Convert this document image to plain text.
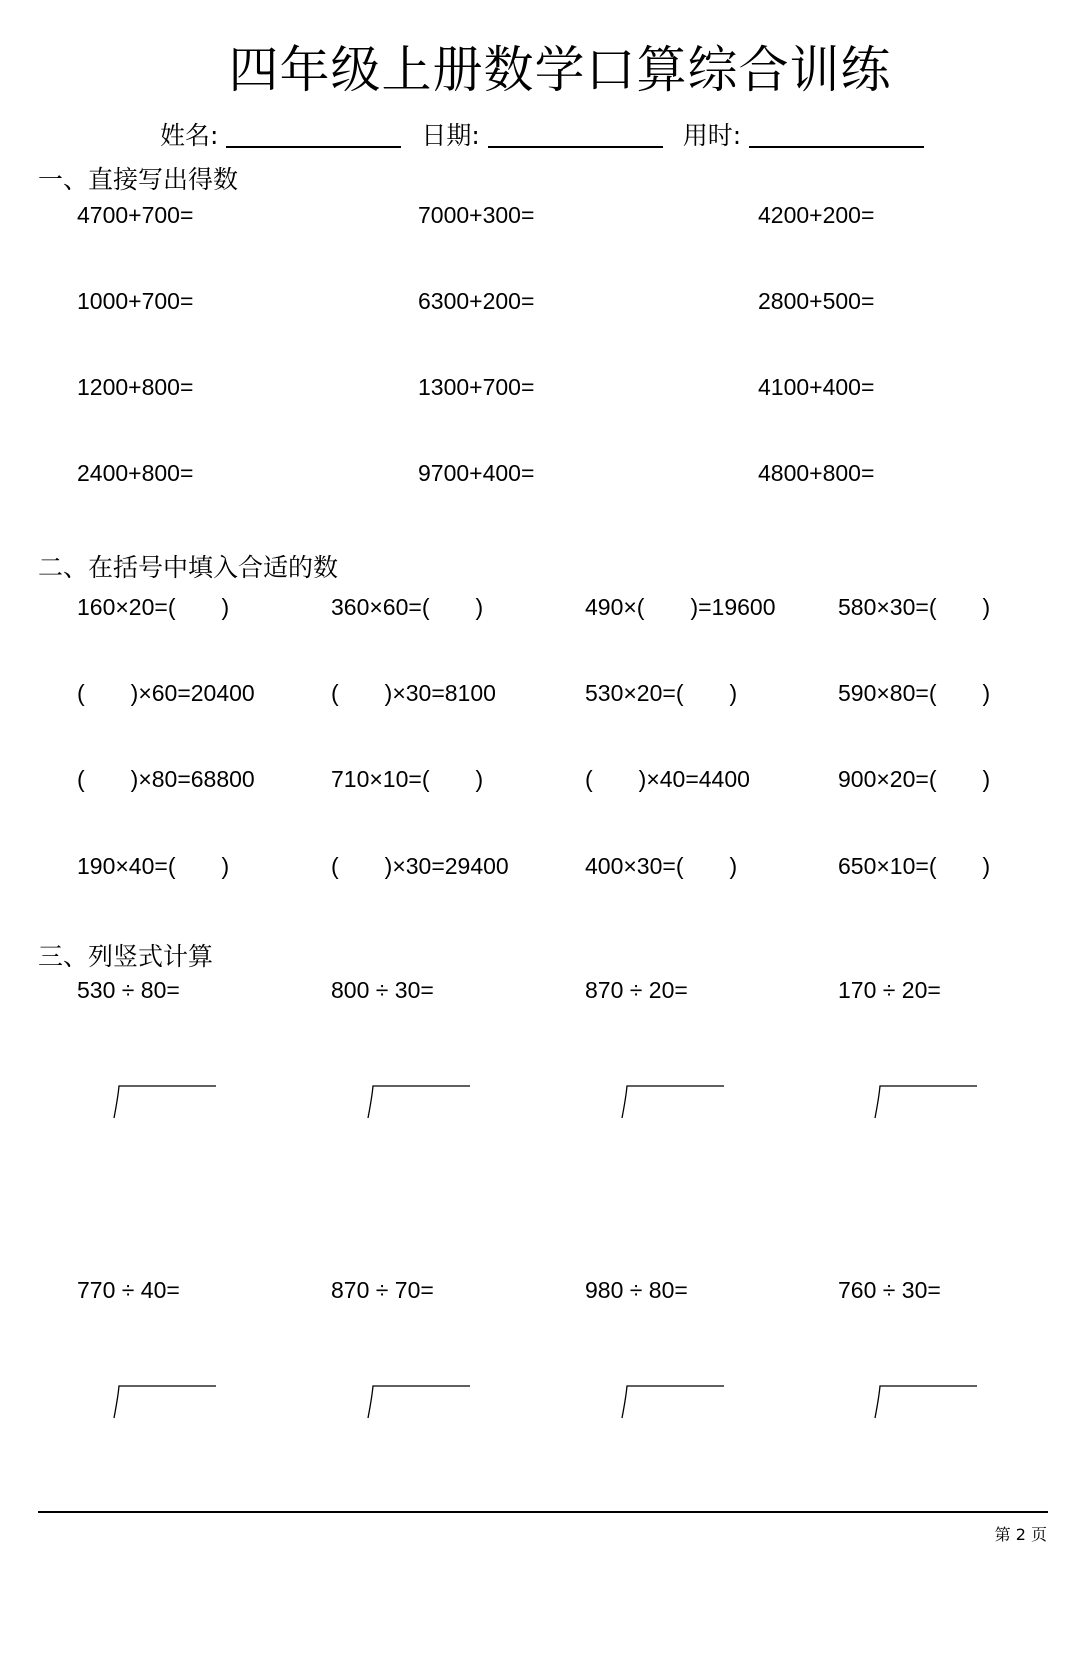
四年级上册数学口算综合训练
姓名:	日期:	用时:
一、直接写出得数
二、在括号中填入合适的数
三、列竖式计算
4700+700=	7000+300=	4200+200=
1000+700=	6300+200=	2800+500=
1200+800=	1300+700=	4100+400=
2400+800=	9700+400=	4800+800=
160×20=(　　)	360×60=(　　)	490×(　　)=19600	580×30=(　　)
(　　)×60=20400	(　　)×30=8100	530×20=(　　)	590×80=(　　)
(　　)×80=68800	710×10=(　　)	(　　)×40=4400	900×20=(　　)
190×40=(　　)	(　　)×30=29400	400×30=(　　)	650×10=(　　)
530 ÷ 80=	800 ÷ 30=	870 ÷ 20=	170 ÷ 20=
770 ÷ 40=	870 ÷ 70=	980 ÷ 80=	760 ÷ 30=
第 2 页
